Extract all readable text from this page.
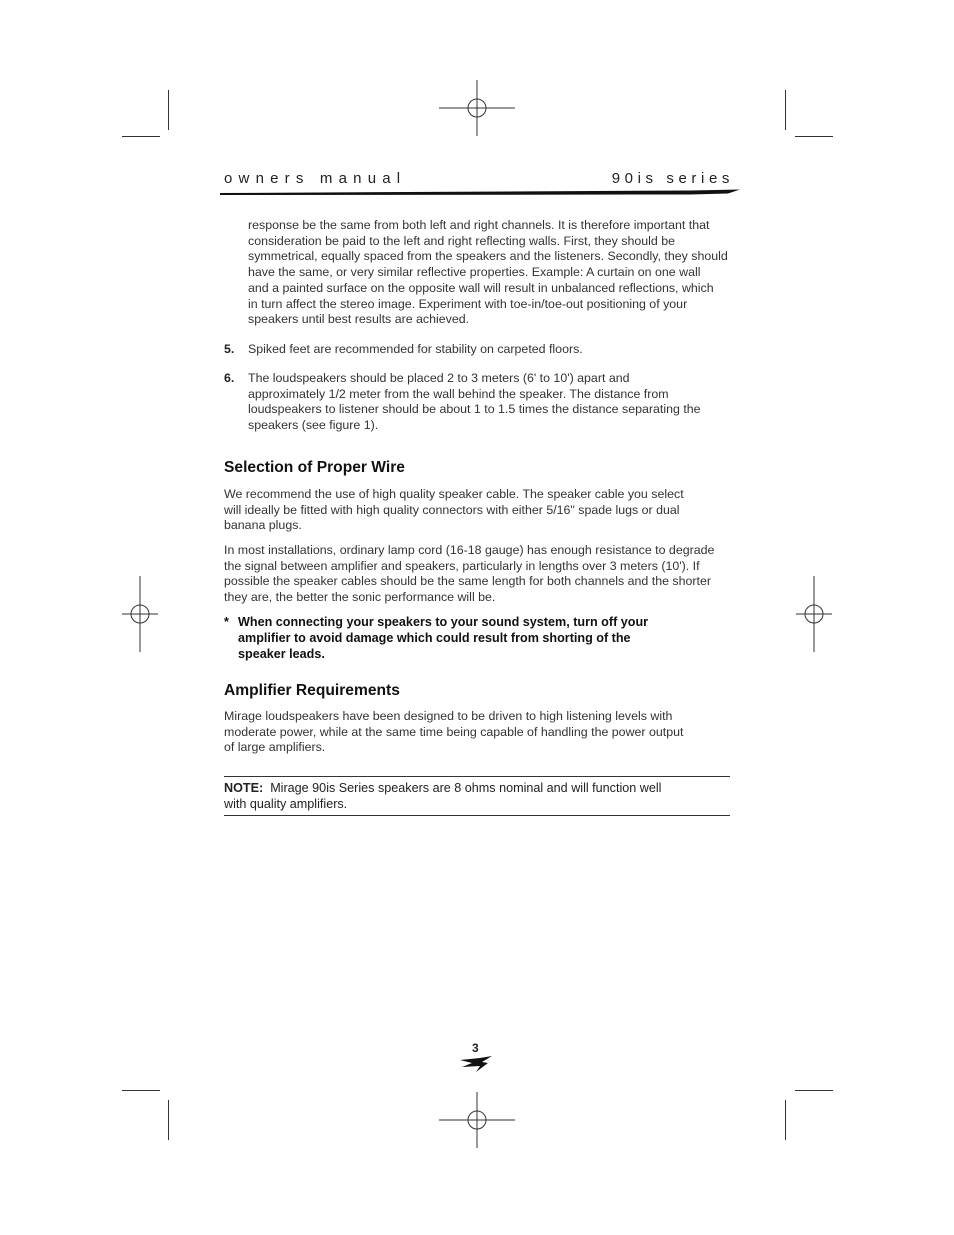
owners manual	90is series
response be the same from both left and right channels. It is therefore important that
consideration be paid to the left and right reflecting walls. First, they should be
symmetrical, equally spaced from the speakers and the listeners. Secondly, they should
have the same, or very similar reflective properties. Example: A curtain on one wall
and a painted surface on the opposite wall will result in unbalanced reflections, which
in turn affect the stereo image. Experiment with toe-in/toe-out positioning of your
speakers until best results are achieved.
5. Spiked feet are recommended for stability on carpeted floors.
6. The loudspeakers should be placed 2 to 3 meters (6' to 10') apart and
approximately 1/2 meter from the wall behind the speaker. The distance from
loudspeakers to listener should be about 1 to 1.5 times the distance separating the
speakers (see figure 1).
Selection of Proper Wire
We recommend the use of high quality speaker cable. The speaker cable you select
will ideally be fitted with high quality connectors with either 5/16" spade lugs or dual
banana plugs.
In most installations, ordinary lamp cord (16-18 gauge) has enough resistance to degrade
the signal between amplifier and speakers, particularly in lengths over 3 meters (10'). If
possible the speaker cables should be the same length for both channels and the shorter
they are, the better the sonic performance will be.
* When connecting your speakers to your sound system, turn off your
amplifier to avoid damage which could result from shorting of the
speaker leads.
Amplifier Requirements
Mirage loudspeakers have been designed to be driven to high listening levels with
moderate power, while at the same time being capable of handling the power output
of large amplifiers.
NOTE: Mirage 90is Series speakers are 8 ohms nominal and will function well
with quality amplifiers.
3
